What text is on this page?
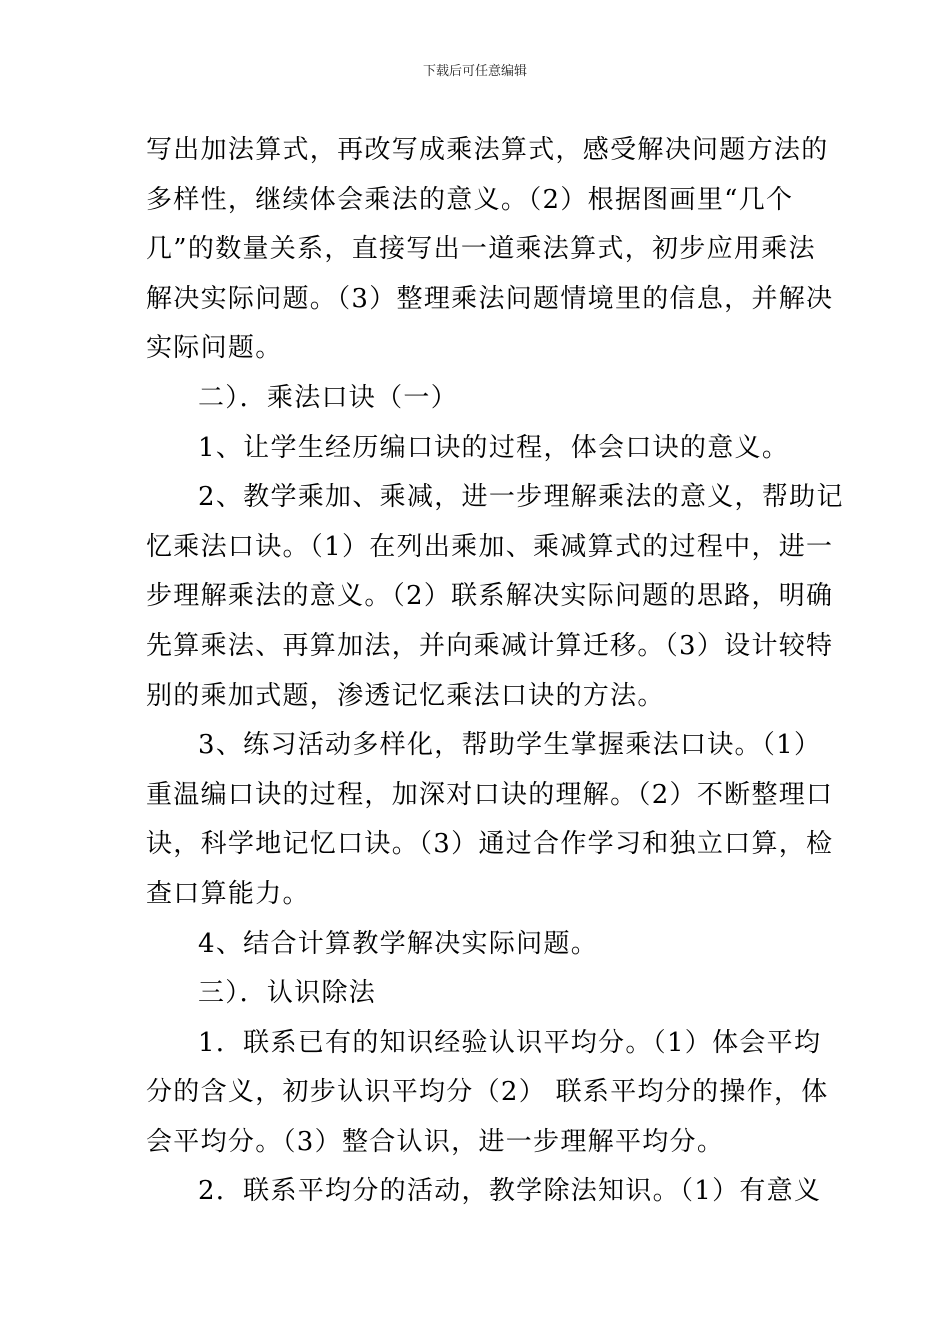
下载后可任意编辑
写出加法算式，再改写成乘法算式，感受解决问题方法的
多样性，继续体会乘法的意义。（2）根据图画里“几个
几”的数量关系，直接写出一道乘法算式，初步应用乘法
解决实际问题。（3）整理乘法问题情境里的信息，并解决
实际问题。
二）．乘法口诀（一）
1、让学生经历编口诀的过程，体会口诀的意义。
2、教学乘加、乘减，进一步理解乘法的意义，帮助记
忆乘法口诀。（1）在列出乘加、乘减算式的过程中，进一
步理解乘法的意义。（2）联系解决实际问题的思路，明确
先算乘法、再算加法，并向乘减计算迁移。（3）设计较特
别的乘加式题，渗透记忆乘法口诀的方法。
3、练习活动多样化，帮助学生掌握乘法口诀。（1）
重温编口诀的过程，加深对口诀的理解。（2）不断整理口
诀，科学地记忆口诀。（3）通过合作学习和独立口算，检
查口算能力。
4、结合计算教学解决实际问题。
三）．认识除法
1．联系已有的知识经验认识平均分。（1）体会平均
分的含义，初步认识平均分（2） 联系平均分的操作，体
会平均分。（3）整合认识，进一步理解平均分。
2．联系平均分的活动，教学除法知识。（1）有意义
